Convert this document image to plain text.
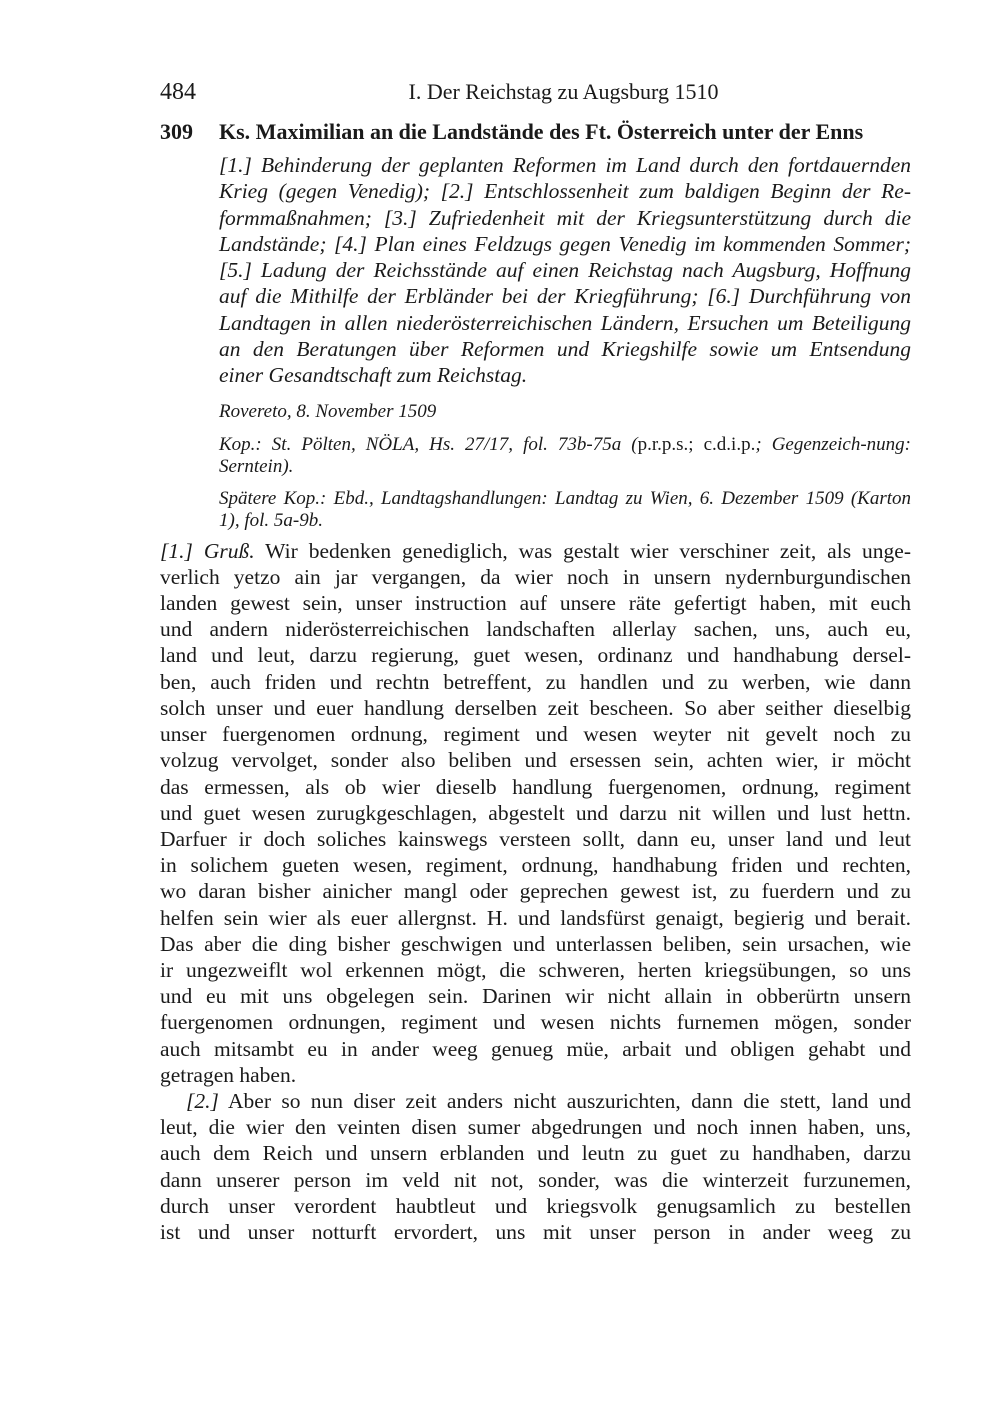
484	I. Der Reichstag zu Augsburg 1510
309	Ks. Maximilian an die Landstände des Ft. Österreich unter der Enns
[1.] Behinderung der geplanten Reformen im Land durch den fortdauernden
Krieg (gegen Venedig); [2.] Entschlossenheit zum baldigen Beginn der Re-
formmaßnahmen; [3.] Zufriedenheit mit der Kriegsunterstützung durch die
Landstände; [4.] Plan eines Feldzugs gegen Venedig im kommenden Sommer;
[5.] Ladung der Reichsstände auf einen Reichstag nach Augsburg, Hoffnung
auf die Mithilfe der Erbländer bei der Kriegführung; [6.] Durchführung von
Landtagen in allen niederösterreichischen Ländern, Ersuchen um Beteiligung
an den Beratungen über Reformen und Kriegshilfe sowie um Entsendung
einer Gesandtschaft zum Reichstag.
Rovereto, 8. November 1509
Kop.: St. Pölten, NÖLA, Hs. 27/17, fol. 73b-75a (p.r.p.s.; c.d.i.p.; Gegenzeich-nung: Serntein).
Spätere Kop.: Ebd., Landtagshandlungen: Landtag zu Wien, 6. Dezember 1509 (Karton 1), fol. 5a-9b.
[1.] Gruß. Wir bedenken genediglich, was gestalt wier verschiner zeit, als unge-
verlich yetzo ain jar vergangen, da wier noch in unsern nydernburgundischen
landen gewest sein, unser instruction auf unsere räte gefertigt haben, mit euch
und andern niderösterreichischen landschaften allerlay sachen, uns, auch eu,
land und leut, darzu regierung, guet wesen, ordinanz und handhabung dersel-
ben, auch friden und rechtn betreffent, zu handlen und zu werben, wie dann
solch unser und euer handlung derselben zeit bescheen. So aber seither dieselbig
unser fuergenomen ordnung, regiment und wesen weyter nit gevelt noch zu
volzug vervolget, sonder also beliben und ersessen sein, achten wier, ir möcht
das ermessen, als ob wier dieselb handlung fuergenomen, ordnung, regiment
und guet wesen zurugkgeschlagen, abgestelt und darzu nit willen und lust hettn.
Darfuer ir doch soliches kainswegs versteen sollt, dann eu, unser land und leut
in solichem gueten wesen, regiment, ordnung, handhabung friden und rechten,
wo daran bisher ainicher mangl oder geprechen gewest ist, zu fuerdern und zu
helfen sein wier als euer allergnst. H. und landsfürst genaigt, begierig und berait.
Das aber die ding bisher geschwigen und unterlassen beliben, sein ursachen, wie
ir ungezweiflt wol erkennen mögt, die schweren, herten kriegsübungen, so uns
und eu mit uns obgelegen sein. Darinen wir nicht allain in obberürtn unsern
fuergenomen ordnungen, regiment und wesen nichts furnemen mögen, sonder
auch mitsambt eu in ander weeg genueg müe, arbait und obligen gehabt und
getragen haben.
[2.] Aber so nun diser zeit anders nicht auszurichten, dann die stett, land und
leut, die wier den veinten disen sumer abgedrungen und noch innen haben, uns,
auch dem Reich und unsern erblanden und leutn zu guet zu handhaben, darzu
dann unserer person im veld nit not, sonder, was die winterzeit furzunemen,
durch unser verordent haubtleut und kriegsvolk genugsamlich zu bestellen
ist und unser notturft ervordert, uns mit unser person in ander weeg zu
